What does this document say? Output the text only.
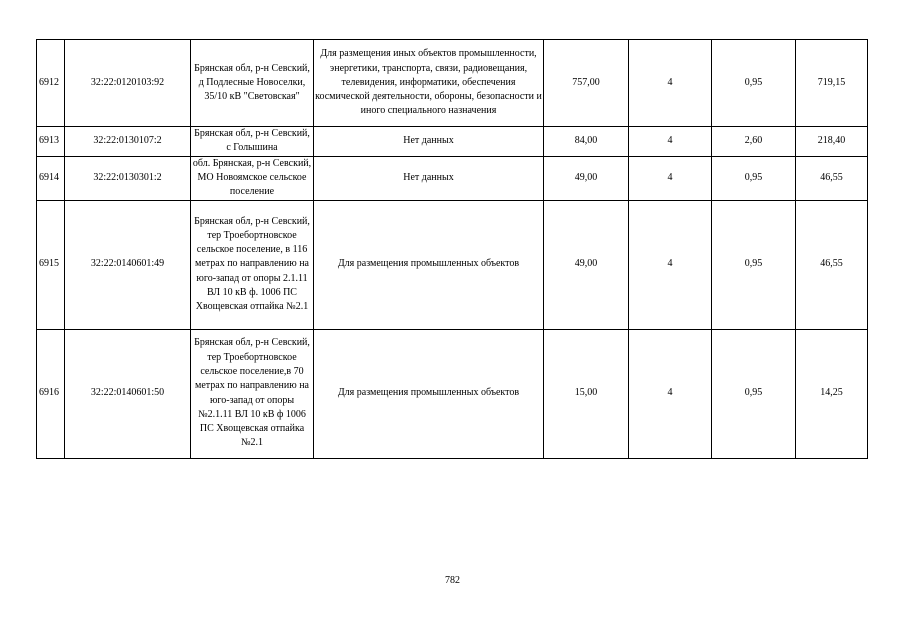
6912	32:22:0120103:92	Брянская обл, р-н Севский, д Подлесные Новоселки, 35/10 кВ "Световская"	Для размещения иных объектов промышленности, энергетики, транспорта, связи, радиовещания, телевидения, информатики, обеспечения космической деятельности, обороны, безопасности и иного специального назначения	757,00	4	0,95	719,15
6913	32:22:0130107:2	Брянская обл, р-н Севский, с Голышина	Нет данных	84,00	4	2,60	218,40
6914	32:22:0130301:2	обл. Брянская, р-н Севский, МО Новоямское сельское поселение	Нет данных	49,00	4	0,95	46,55
6915	32:22:0140601:49	Брянская обл, р-н Севский, тер Троебортновское сельское поселение, в 116 метрах по направлению на юго-запад от опоры 2.1.11 ВЛ 10 кВ ф. 1006 ПС Хвощевская отпайка №2.1	Для размещения промышленных объектов	49,00	4	0,95	46,55
6916	32:22:0140601:50	Брянская обл, р-н Севский, тер Троебортновское сельское поселение,в 70 метрах по направлению на юго-запад от опоры №2.1.11 ВЛ 10 кВ ф 1006 ПС Хвощевская отпайка №2.1	Для размещения промышленных объектов	15,00	4	0,95	14,25
782
